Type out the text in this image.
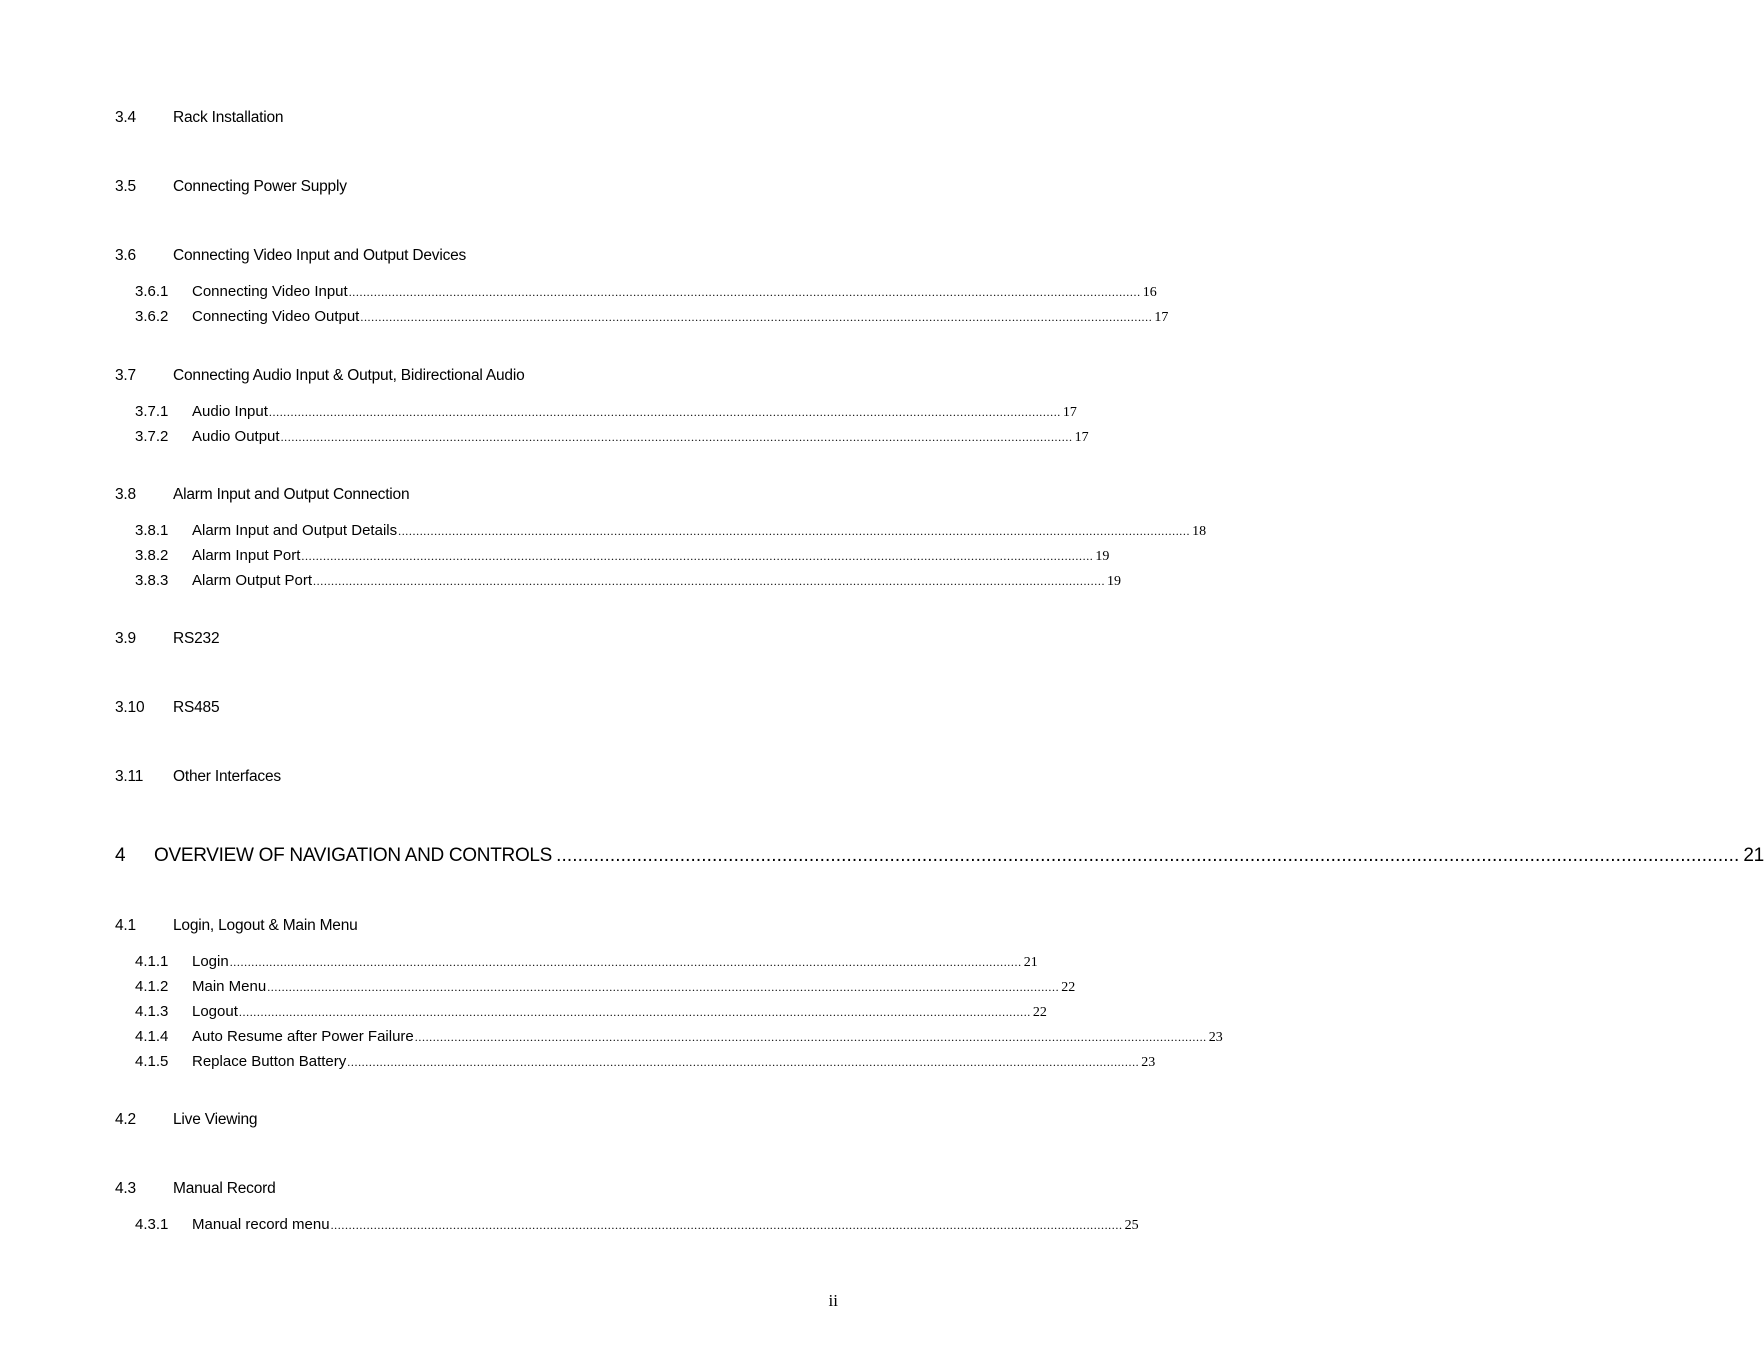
3.4 Rack Installation
3.5 Connecting Power Supply
3.6 Connecting Video Input and Output Devices
3.6.1 Connecting Video Input ............................................................................................................................................................................................................................ 16
3.6.2 Connecting Video Output ............................................................................................................................................................................................................................ 17
3.7 Connecting Audio Input & Output, Bidirectional Audio
3.7.1 Audio Input ............................................................................................................................................................................................................................ 17
3.7.2 Audio Output ............................................................................................................................................................................................................................ 17
3.8 Alarm Input and Output Connection
3.8.1 Alarm Input and Output Details ............................................................................................................................................................................................................................ 18
3.8.2 Alarm Input Port ............................................................................................................................................................................................................................ 19
3.8.3 Alarm Output Port ............................................................................................................................................................................................................................ 19
3.9 RS232
3.10 RS485
3.11 Other Interfaces
4 OVERVIEW OF NAVIGATION AND CONTROLS ............................................................................................................................................................................................................................ 21
4.1 Login, Logout & Main Menu
4.1.1 Login ............................................................................................................................................................................................................................ 21
4.1.2 Main Menu ............................................................................................................................................................................................................................ 22
4.1.3 Logout ............................................................................................................................................................................................................................ 22
4.1.4 Auto Resume after Power Failure ............................................................................................................................................................................................................................ 23
4.1.5 Replace Button Battery ............................................................................................................................................................................................................................ 23
4.2 Live Viewing
4.3 Manual Record
4.3.1 Manual record menu ............................................................................................................................................................................................................................ 25
ii
